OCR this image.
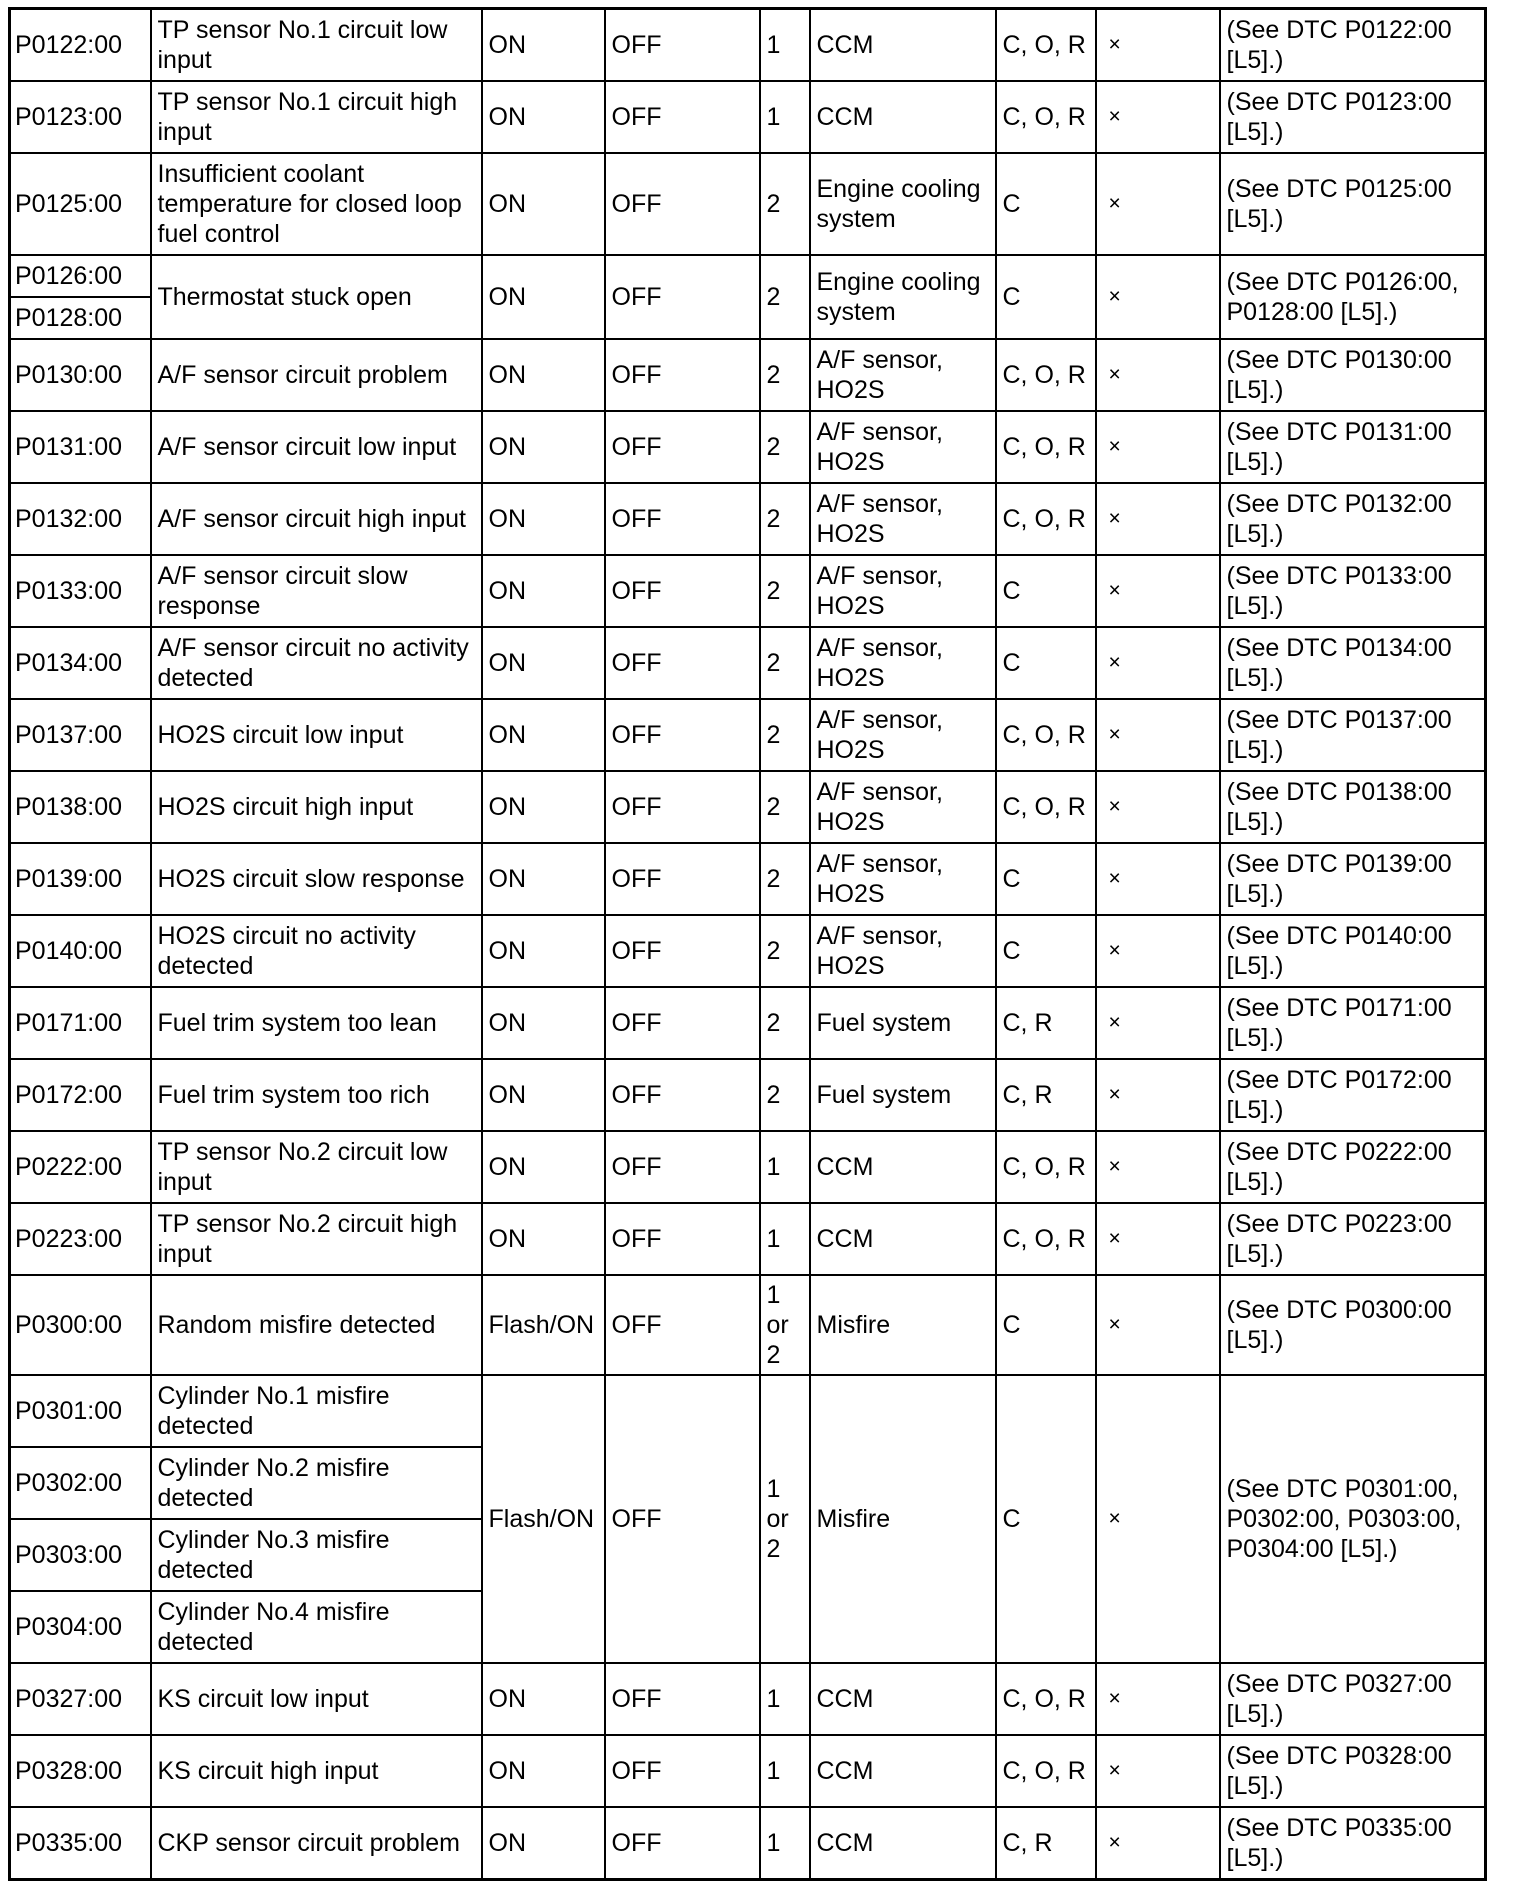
P0122:00	TP sensor No.1 circuit low input	ON	OFF	1	CCM	C, O, R	×	(See DTC P0122:00 [L5].)
P0123:00	TP sensor No.1 circuit high input	ON	OFF	1	CCM	C, O, R	×	(See DTC P0123:00 [L5].)
P0125:00	Insufficient coolant temperature for closed loop fuel control	ON	OFF	2	Engine cooling system	C	×	(See DTC P0125:00 [L5].)
P0126:00	Thermostat stuck open	ON	OFF	2	Engine cooling system	C	×	(See DTC P0126:00, P0128:00 [L5].)
P0128:00								
P0130:00	A/F sensor circuit problem	ON	OFF	2	A/F sensor, HO2S	C, O, R	×	(See DTC P0130:00 [L5].)
P0131:00	A/F sensor circuit low input	ON	OFF	2	A/F sensor, HO2S	C, O, R	×	(See DTC P0131:00 [L5].)
P0132:00	A/F sensor circuit high input	ON	OFF	2	A/F sensor, HO2S	C, O, R	×	(See DTC P0132:00 [L5].)
P0133:00	A/F sensor circuit slow response	ON	OFF	2	A/F sensor, HO2S	C	×	(See DTC P0133:00 [L5].)
P0134:00	A/F sensor circuit no activity detected	ON	OFF	2	A/F sensor, HO2S	C	×	(See DTC P0134:00 [L5].)
P0137:00	HO2S circuit low input	ON	OFF	2	A/F sensor, HO2S	C, O, R	×	(See DTC P0137:00 [L5].)
P0138:00	HO2S circuit high input	ON	OFF	2	A/F sensor, HO2S	C, O, R	×	(See DTC P0138:00 [L5].)
P0139:00	HO2S circuit slow response	ON	OFF	2	A/F sensor, HO2S	C	×	(See DTC P0139:00 [L5].)
P0140:00	HO2S circuit no activity detected	ON	OFF	2	A/F sensor, HO2S	C	×	(See DTC P0140:00 [L5].)
P0171:00	Fuel trim system too lean	ON	OFF	2	Fuel system	C, R	×	(See DTC P0171:00 [L5].)
P0172:00	Fuel trim system too rich	ON	OFF	2	Fuel system	C, R	×	(See DTC P0172:00 [L5].)
P0222:00	TP sensor No.2 circuit low input	ON	OFF	1	CCM	C, O, R	×	(See DTC P0222:00 [L5].)
P0223:00	TP sensor No.2 circuit high input	ON	OFF	1	CCM	C, O, R	×	(See DTC P0223:00 [L5].)
P0300:00	Random misfire detected	Flash/ON	OFF	1 or 2	Misfire	C	×	(See DTC P0300:00 [L5].)
P0301:00	Cylinder No.1 misfire detected	Flash/ON	OFF	1 or 2	Misfire	C	×	(See DTC P0301:00, P0302:00, P0303:00, P0304:00 [L5].)
P0302:00	Cylinder No.2 misfire detected							
P0303:00	Cylinder No.3 misfire detected							
P0304:00	Cylinder No.4 misfire detected							
P0327:00	KS circuit low input	ON	OFF	1	CCM	C, O, R	×	(See DTC P0327:00 [L5].)
P0328:00	KS circuit high input	ON	OFF	1	CCM	C, O, R	×	(See DTC P0328:00 [L5].)
P0335:00	CKP sensor circuit problem	ON	OFF	1	CCM	C, R	×	(See DTC P0335:00 [L5].)
